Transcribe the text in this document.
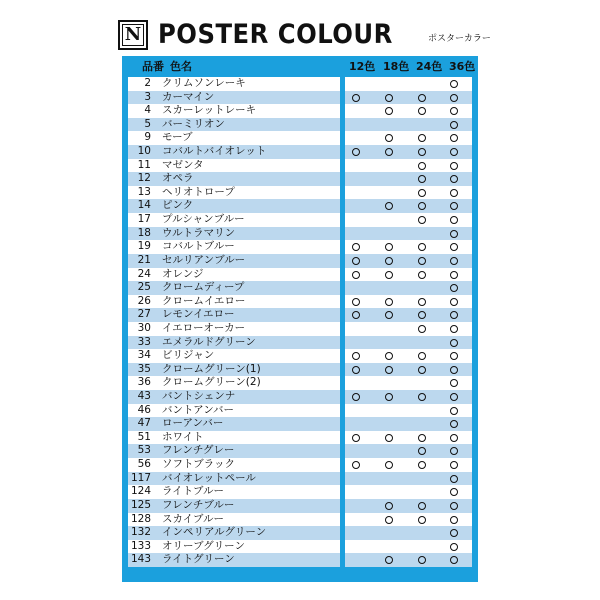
N POSTER COLOUR	ポスターカラー
品番 色名	12色 18色 24色 36色
2 クリムソンレーキ
3 カーマイン
4 スカーレットレーキ
5 バーミリオン
9 モーブ
10 コバルトバイオレット
11 マゼンタ
12 オペラ
13 ヘリオトロープ
14 ピンク
17 プルシャンブルー
18 ウルトラマリン
19 コバルトブルー
21 セルリアンブルー
24 オレンジ
25 クロームディープ
26 クロームイエロー
27 レモンイエロー
30 イエローオーカー
33 エメラルドグリーン
34 ビリジャン
35 クロームグリーン(1)
36 クロームグリーン(2)
43 バントシェンナ
46 バントアンバー
47 ローアンバー
51 ホワイト
53 フレンチグレー
56 ソフトブラック
117 バイオレットペール
124 ライトブルー
125 フレンチブルー
128 スカイブルー
132 インペリアルグリーン
133 オリーブグリーン
143 ライトグリーン
